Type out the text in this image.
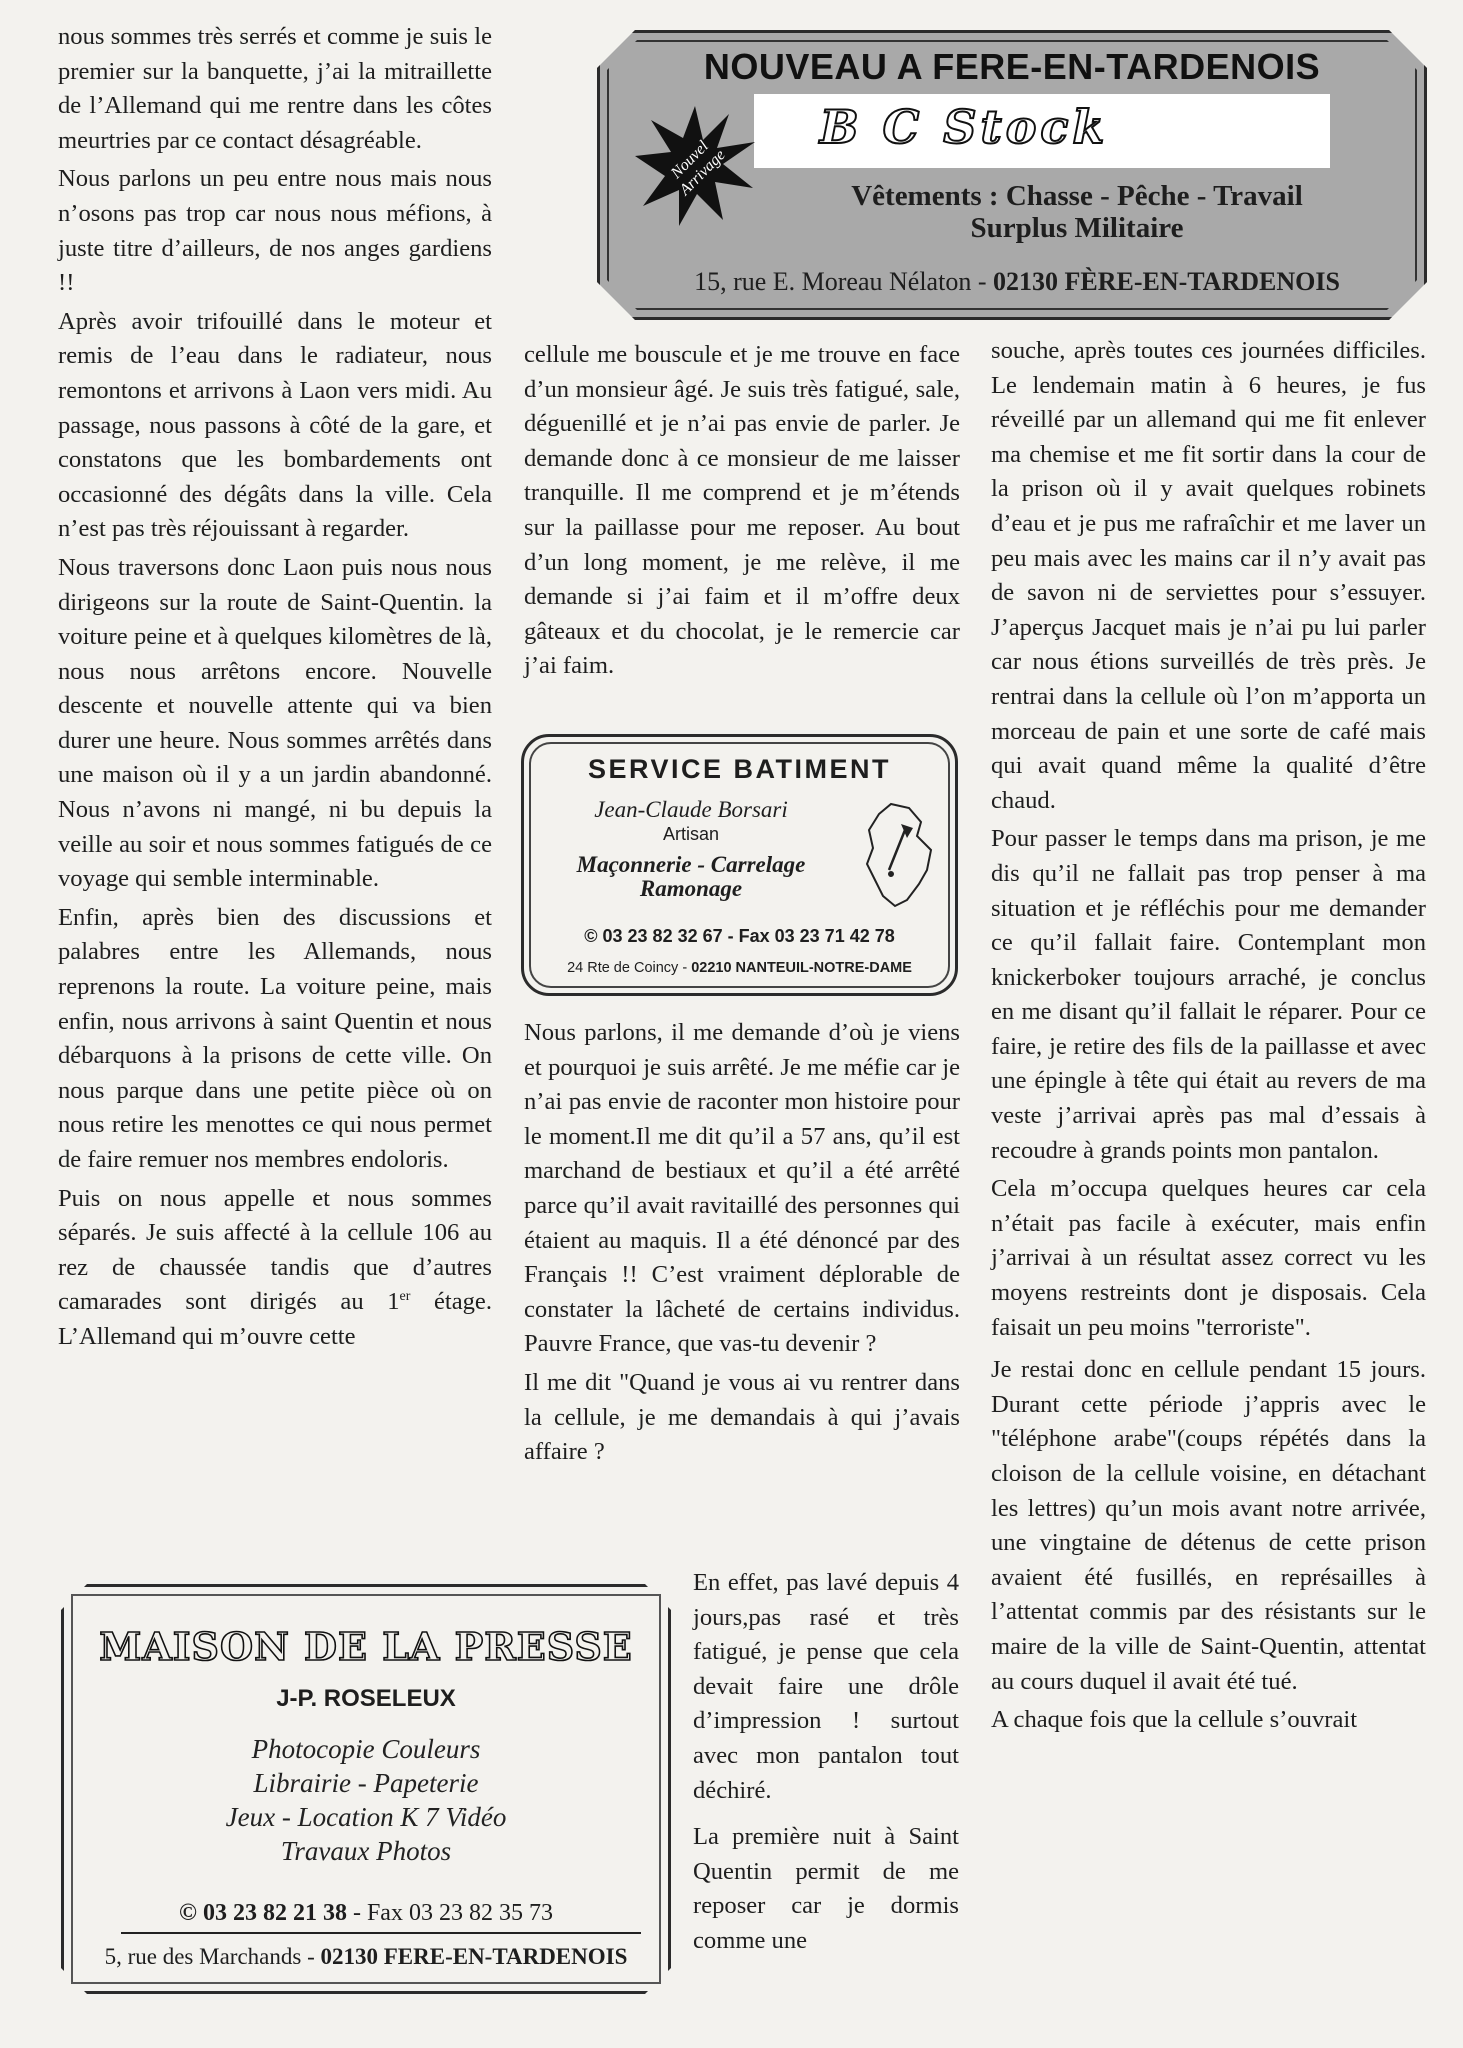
nous sommes très serrés et comme je suis le premier sur la banquette, j’ai la mitraillette de l’Allemand qui me rentre dans les côtes meurtries par ce contact désagréable.

Nous parlons un peu entre nous mais nous n’osons pas trop car nous nous méfions, à juste titre d’ailleurs, de nos anges gardiens !!

Après avoir trifouillé dans le moteur et remis de l’eau dans le radiateur, nous remontons et arrivons à Laon vers midi. Au passage, nous passons à côté de la gare, et constatons que les bombardements ont occasionné des dégâts dans la ville. Cela n’est pas très réjouissant à regarder.

Nous traversons donc Laon puis nous nous dirigeons sur la route de Saint-Quentin. la voiture peine et à quelques kilomètres de là, nous nous arrêtons encore. Nouvelle descente et nouvelle attente qui va bien durer une heure. Nous sommes arrêtés dans une maison où il y a un jardin abandonné. Nous n’avons ni mangé, ni bu depuis la veille au soir et nous sommes fatigués de ce voyage qui semble interminable.

Enfin, après bien des discussions et palabres entre les Allemands, nous reprenons la route. La voiture peine, mais enfin, nous arrivons à saint Quentin et nous débarquons à la prisons de cette ville. On nous parque dans une petite pièce où on nous retire les menottes ce qui nous permet de faire remuer nos membres endoloris.

Puis on nous appelle et nous sommes séparés. Je suis affecté à la cellule 106 au rez de chaussée tandis que d’autres camarades sont dirigés au 1er étage. L’Allemand qui m’ouvre cette

NOUVEAU A FERE-EN-TARDENOIS
B C Stock
Nouvel Arrivage	Vêtements : Chasse - Pêche - Travail
Surplus Militaire
15, rue E. Moreau Nélaton - 02130 FÈRE-EN-TARDENOIS

cellule me bouscule et je me trouve en face d’un monsieur âgé. Je suis très fatigué, sale, déguenillé et je n’ai pas envie de parler. Je demande donc à ce monsieur de me laisser tranquille. Il me comprend et je m’étends sur la paillasse pour me reposer. Au bout d’un long moment, je me relève, il me demande si j’ai faim et il m’offre deux gâteaux et du chocolat, je le remercie car j’ai faim.

SERVICE BATIMENT
Jean-Claude Borsari
Artisan
Maçonnerie - Carrelage
Ramonage
© 03 23 82 32 67 - Fax 03 23 71 42 78
24 Rte de Coincy - 02210 NANTEUIL-NOTRE-DAME

Nous parlons, il me demande d’où je viens et pourquoi je suis arrêté. Je me méfie car je n’ai pas envie de raconter mon histoire pour le moment.Il me dit qu’il a 57 ans, qu’il est marchand de bestiaux et qu’il a été arrêté parce qu’il avait ravitaillé des personnes qui étaient au maquis. Il a été dénoncé par des Français !! C’est vraiment déplorable de constater la lâcheté de certains individus. Pauvre France, que vas-tu devenir ?

Il me dit "Quand je vous ai vu rentrer dans la cellule, je me demandais à qui j’avais affaire ?

En effet, pas lavé depuis 4 jours,pas rasé et très fatigué, je pense que cela devait faire une drôle d’impression ! surtout avec mon pantalon tout déchiré.

La première nuit à Saint Quentin permit de me reposer car je dormis comme une

souche, après toutes ces journées difficiles. Le lendemain matin à 6 heures, je fus réveillé par un allemand qui me fit enlever ma chemise et me fit sortir dans la cour de la prison où il y avait quelques robinets d’eau et je pus me rafraîchir et me laver un peu mais avec les mains car il n’y avait pas de savon ni de serviettes pour s’essuyer. J’aperçus Jacquet mais je n’ai pu lui parler car nous étions surveillés de très près. Je rentrai dans la cellule où l’on m’apporta un morceau de pain et une sorte de café mais qui avait quand même la qualité d’être chaud.

Pour passer le temps dans ma prison, je me dis qu’il ne fallait pas trop penser à ma situation et je réfléchis pour me demander ce qu’il fallait faire. Contemplant mon knickerboker toujours arraché, je conclus en me disant qu’il fallait le réparer. Pour ce faire, je retire des fils de la paillasse et avec une épingle à tête qui était au revers de ma veste j’arrivai après pas mal d’essais à recoudre à grands points mon pantalon.

Cela m’occupa quelques heures car cela n’était pas facile à exécuter, mais enfin j’arrivai à un résultat assez correct vu les moyens restreints dont je disposais. Cela faisait un peu moins "terroriste".

Je restai donc en cellule pendant 15 jours. Durant cette période j’appris avec le "téléphone arabe"(coups répétés dans la cloison de la cellule voisine, en détachant les lettres) qu’un mois avant notre arrivée, une vingtaine de détenus de cette prison avaient été fusillés, en représailles à l’attentat commis par des résistants sur le maire de la ville de Saint-Quentin, attentat au cours duquel il avait été tué.

A chaque fois que la cellule s’ouvrait

MAISON DE LA PRESSE
J-P. ROSELEUX
Photocopie Couleurs
Librairie - Papeterie
Jeux - Location K 7 Vidéo
Travaux Photos
© 03 23 82 21 38 - Fax 03 23 82 35 73
5, rue des Marchands - 02130 FERE-EN-TARDENOIS
